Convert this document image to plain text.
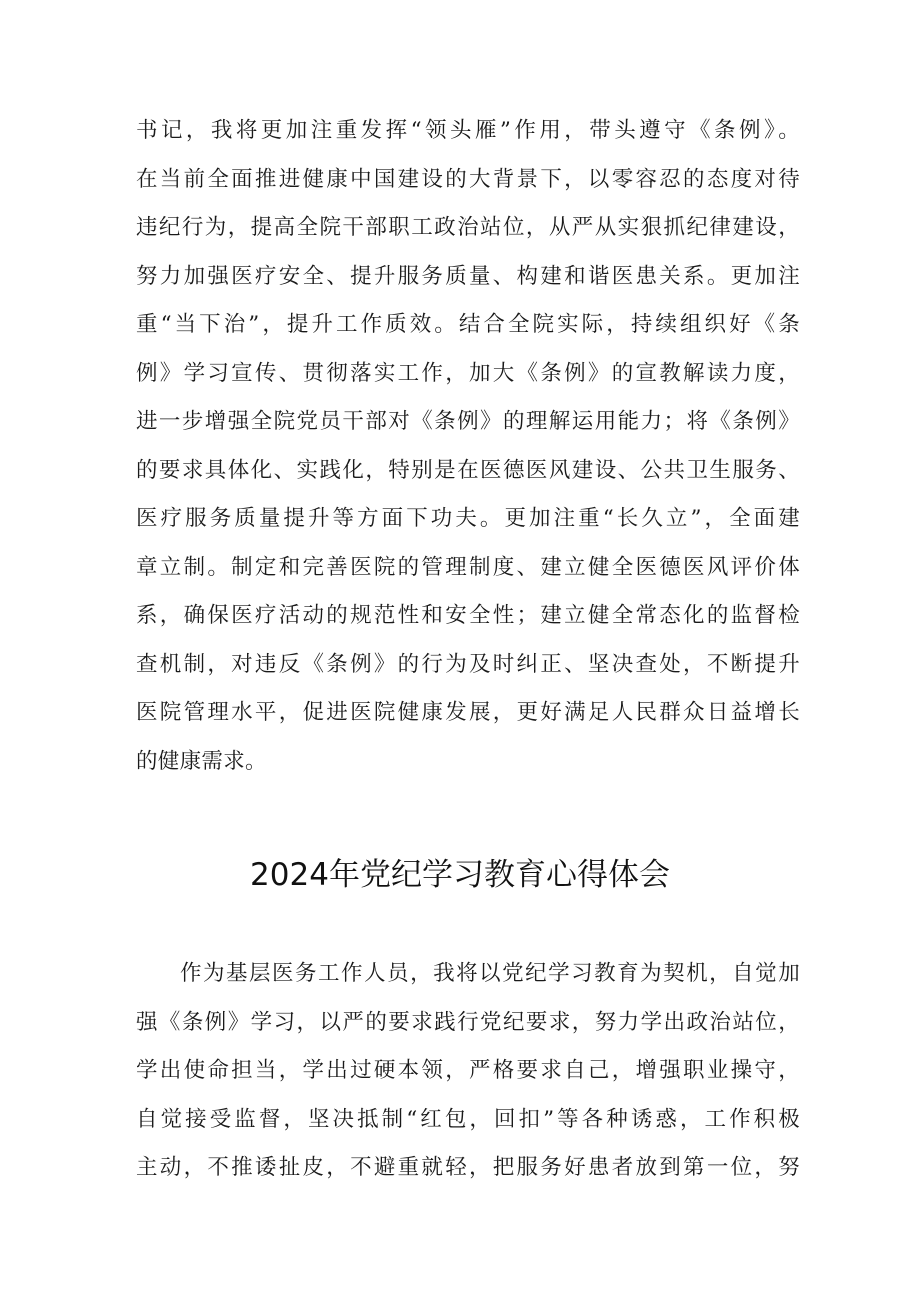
书记，我将更加注重发挥“领头雁”作用，带头遵守《条例》。
在当前全面推进健康中国建设的大背景下，以零容忍的态度对待
违纪行为，提高全院干部职工政治站位，从严从实狠抓纪律建设，
努力加强医疗安全、提升服务质量、构建和谐医患关系。更加注
重“当下治”，提升工作质效。结合全院实际，持续组织好《条
例》学习宣传、贯彻落实工作，加大《条例》的宣教解读力度，
进一步增强全院党员干部对《条例》的理解运用能力；将《条例》
的要求具体化、实践化，特别是在医德医风建设、公共卫生服务、
医疗服务质量提升等方面下功夫。更加注重“长久立”，全面建
章立制。制定和完善医院的管理制度、建立健全医德医风评价体
系，确保医疗活动的规范性和安全性；建立健全常态化的监督检
查机制，对违反《条例》的行为及时纠正、坚决查处，不断提升
医院管理水平，促进医院健康发展，更好满足人民群众日益增长
的健康需求。
2024年党纪学习教育心得体会
作为基层医务工作人员，我将以党纪学习教育为契机，自觉加
强《条例》学习，以严的要求践行党纪要求，努力学出政治站位，
学出使命担当，学出过硬本领，严格要求自己，增强职业操守，
自觉接受监督，坚决抵制“红包，回扣”等各种诱惑，工作积极
主动，不推诿扯皮，不避重就轻，把服务好患者放到第一位，努
